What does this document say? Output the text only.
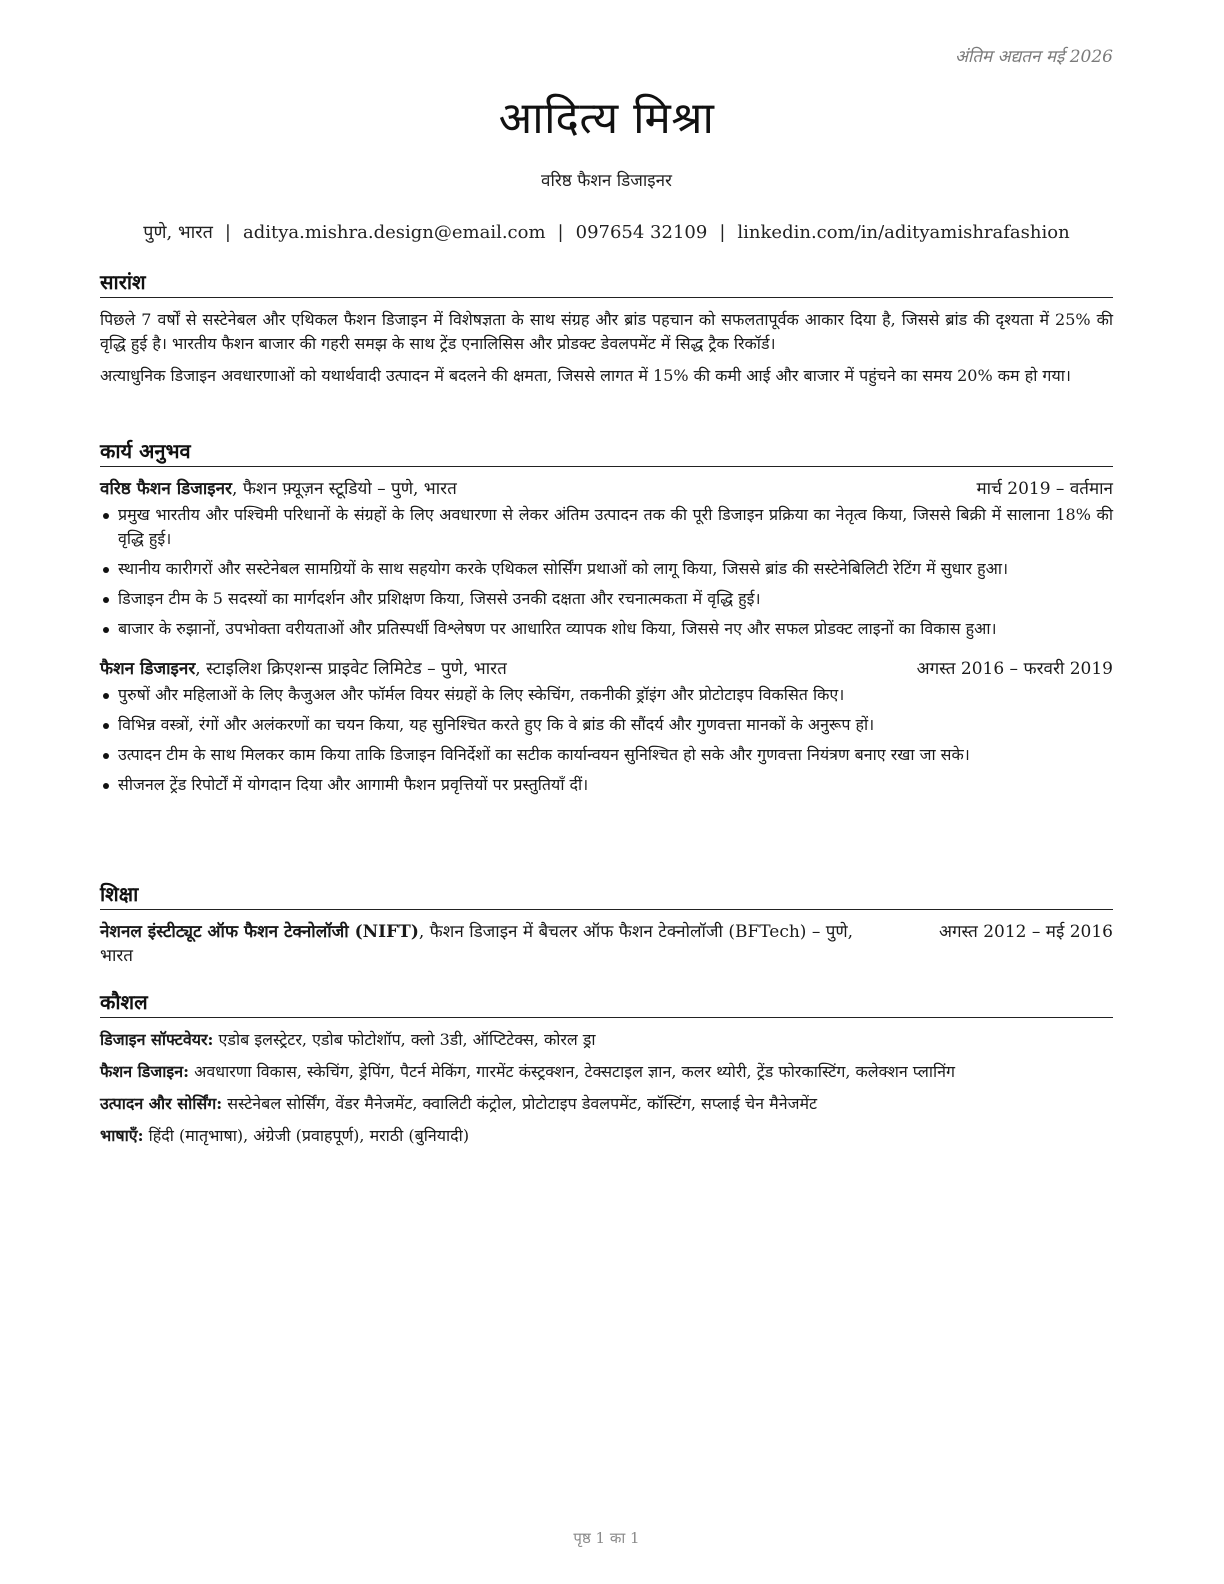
अंतिम अद्यतन मई 2026
आदित्य मिश्रा
वरिष्ठ फैशन डिजाइनर
पुणे, भारत | aditya.mishra.design@email.com | 097654 32109 | linkedin.com/in/adityamishrafashion
सारांश

पिछले 7 वर्षों से सस्टेनेबल और एथिकल फैशन डिजाइन में विशेषज्ञता के साथ संग्रह और ब्रांड पहचान को सफलतापूर्वक आकार दिया है, जिससे ब्रांड की दृश्यता में 25% की वृद्धि हुई है। भारतीय फैशन बाजार की गहरी समझ के साथ ट्रेंड एनालिसिस और प्रोडक्ट डेवलपमेंट में सिद्ध ट्रैक रिकॉर्ड।

अत्याधुनिक डिजाइन अवधारणाओं को यथार्थवादी उत्पादन में बदलने की क्षमता, जिससे लागत में 15% की कमी आई और बाजार में पहुंचने का समय 20% कम हो गया।

कार्य अनुभव
वरिष्ठ फैशन डिजाइनर, फैशन फ़्यूज़न स्टूडियो – पुणे, भारत	मार्च 2019 – वर्तमान
प्रमुख भारतीय और पश्चिमी परिधानों के संग्रहों के लिए अवधारणा से लेकर अंतिम उत्पादन तक की पूरी डिजाइन प्रक्रिया का नेतृत्व किया, जिससे बिक्री में सालाना 18% की वृद्धि हुई।
स्थानीय कारीगरों और सस्टेनेबल सामग्रियों के साथ सहयोग करके एथिकल सोर्सिंग प्रथाओं को लागू किया, जिससे ब्रांड की सस्टेनेबिलिटी रेटिंग में सुधार हुआ।
डिजाइन टीम के 5 सदस्यों का मार्गदर्शन और प्रशिक्षण किया, जिससे उनकी दक्षता और रचनात्मकता में वृद्धि हुई।
बाजार के रुझानों, उपभोक्ता वरीयताओं और प्रतिस्पर्धी विश्लेषण पर आधारित व्यापक शोध किया, जिससे नए और सफल प्रोडक्ट लाइनों का विकास हुआ।
फैशन डिजाइनर, स्टाइलिश क्रिएशन्स प्राइवेट लिमिटेड – पुणे, भारत	अगस्त 2016 – फरवरी 2019
पुरुषों और महिलाओं के लिए कैजुअल और फॉर्मल वियर संग्रहों के लिए स्केचिंग, तकनीकी ड्रॉइंग और प्रोटोटाइप विकसित किए।
विभिन्न वस्त्रों, रंगों और अलंकरणों का चयन किया, यह सुनिश्चित करते हुए कि वे ब्रांड की सौंदर्य और गुणवत्ता मानकों के अनुरूप हों।
उत्पादन टीम के साथ मिलकर काम किया ताकि डिजाइन विनिर्देशों का सटीक कार्यान्वयन सुनिश्चित हो सके और गुणवत्ता नियंत्रण बनाए रखा जा सके।
सीजनल ट्रेंड रिपोर्टों में योगदान दिया और आगामी फैशन प्रवृत्तियों पर प्रस्तुतियाँ दीं।
शिक्षा
नेशनल इंस्टीट्यूट ऑफ फैशन टेक्नोलॉजी (NIFT), फैशन डिजाइन में बैचलर ऑफ फैशन टेक्नोलॉजी (BFTech) – पुणे, भारत
अगस्त 2012 – मई 2016
कौशल
डिजाइन सॉफ्टवेयर: एडोब इलस्ट्रेटर, एडोब फोटोशॉप, क्लो 3डी, ऑप्टिटेक्स, कोरल ड्रा
फैशन डिजाइन: अवधारणा विकास, स्केचिंग, ड्रेपिंग, पैटर्न मेकिंग, गारमेंट कंस्ट्रक्शन, टेक्सटाइल ज्ञान, कलर थ्योरी, ट्रेंड फोरकास्टिंग, कलेक्शन प्लानिंग
उत्पादन और सोर्सिंग: सस्टेनेबल सोर्सिंग, वेंडर मैनेजमेंट, क्वालिटी कंट्रोल, प्रोटोटाइप डेवलपमेंट, कॉस्टिंग, सप्लाई चेन मैनेजमेंट
भाषाएँ: हिंदी (मातृभाषा), अंग्रेजी (प्रवाहपूर्ण), मराठी (बुनियादी)
पृष्ठ 1 का 1
